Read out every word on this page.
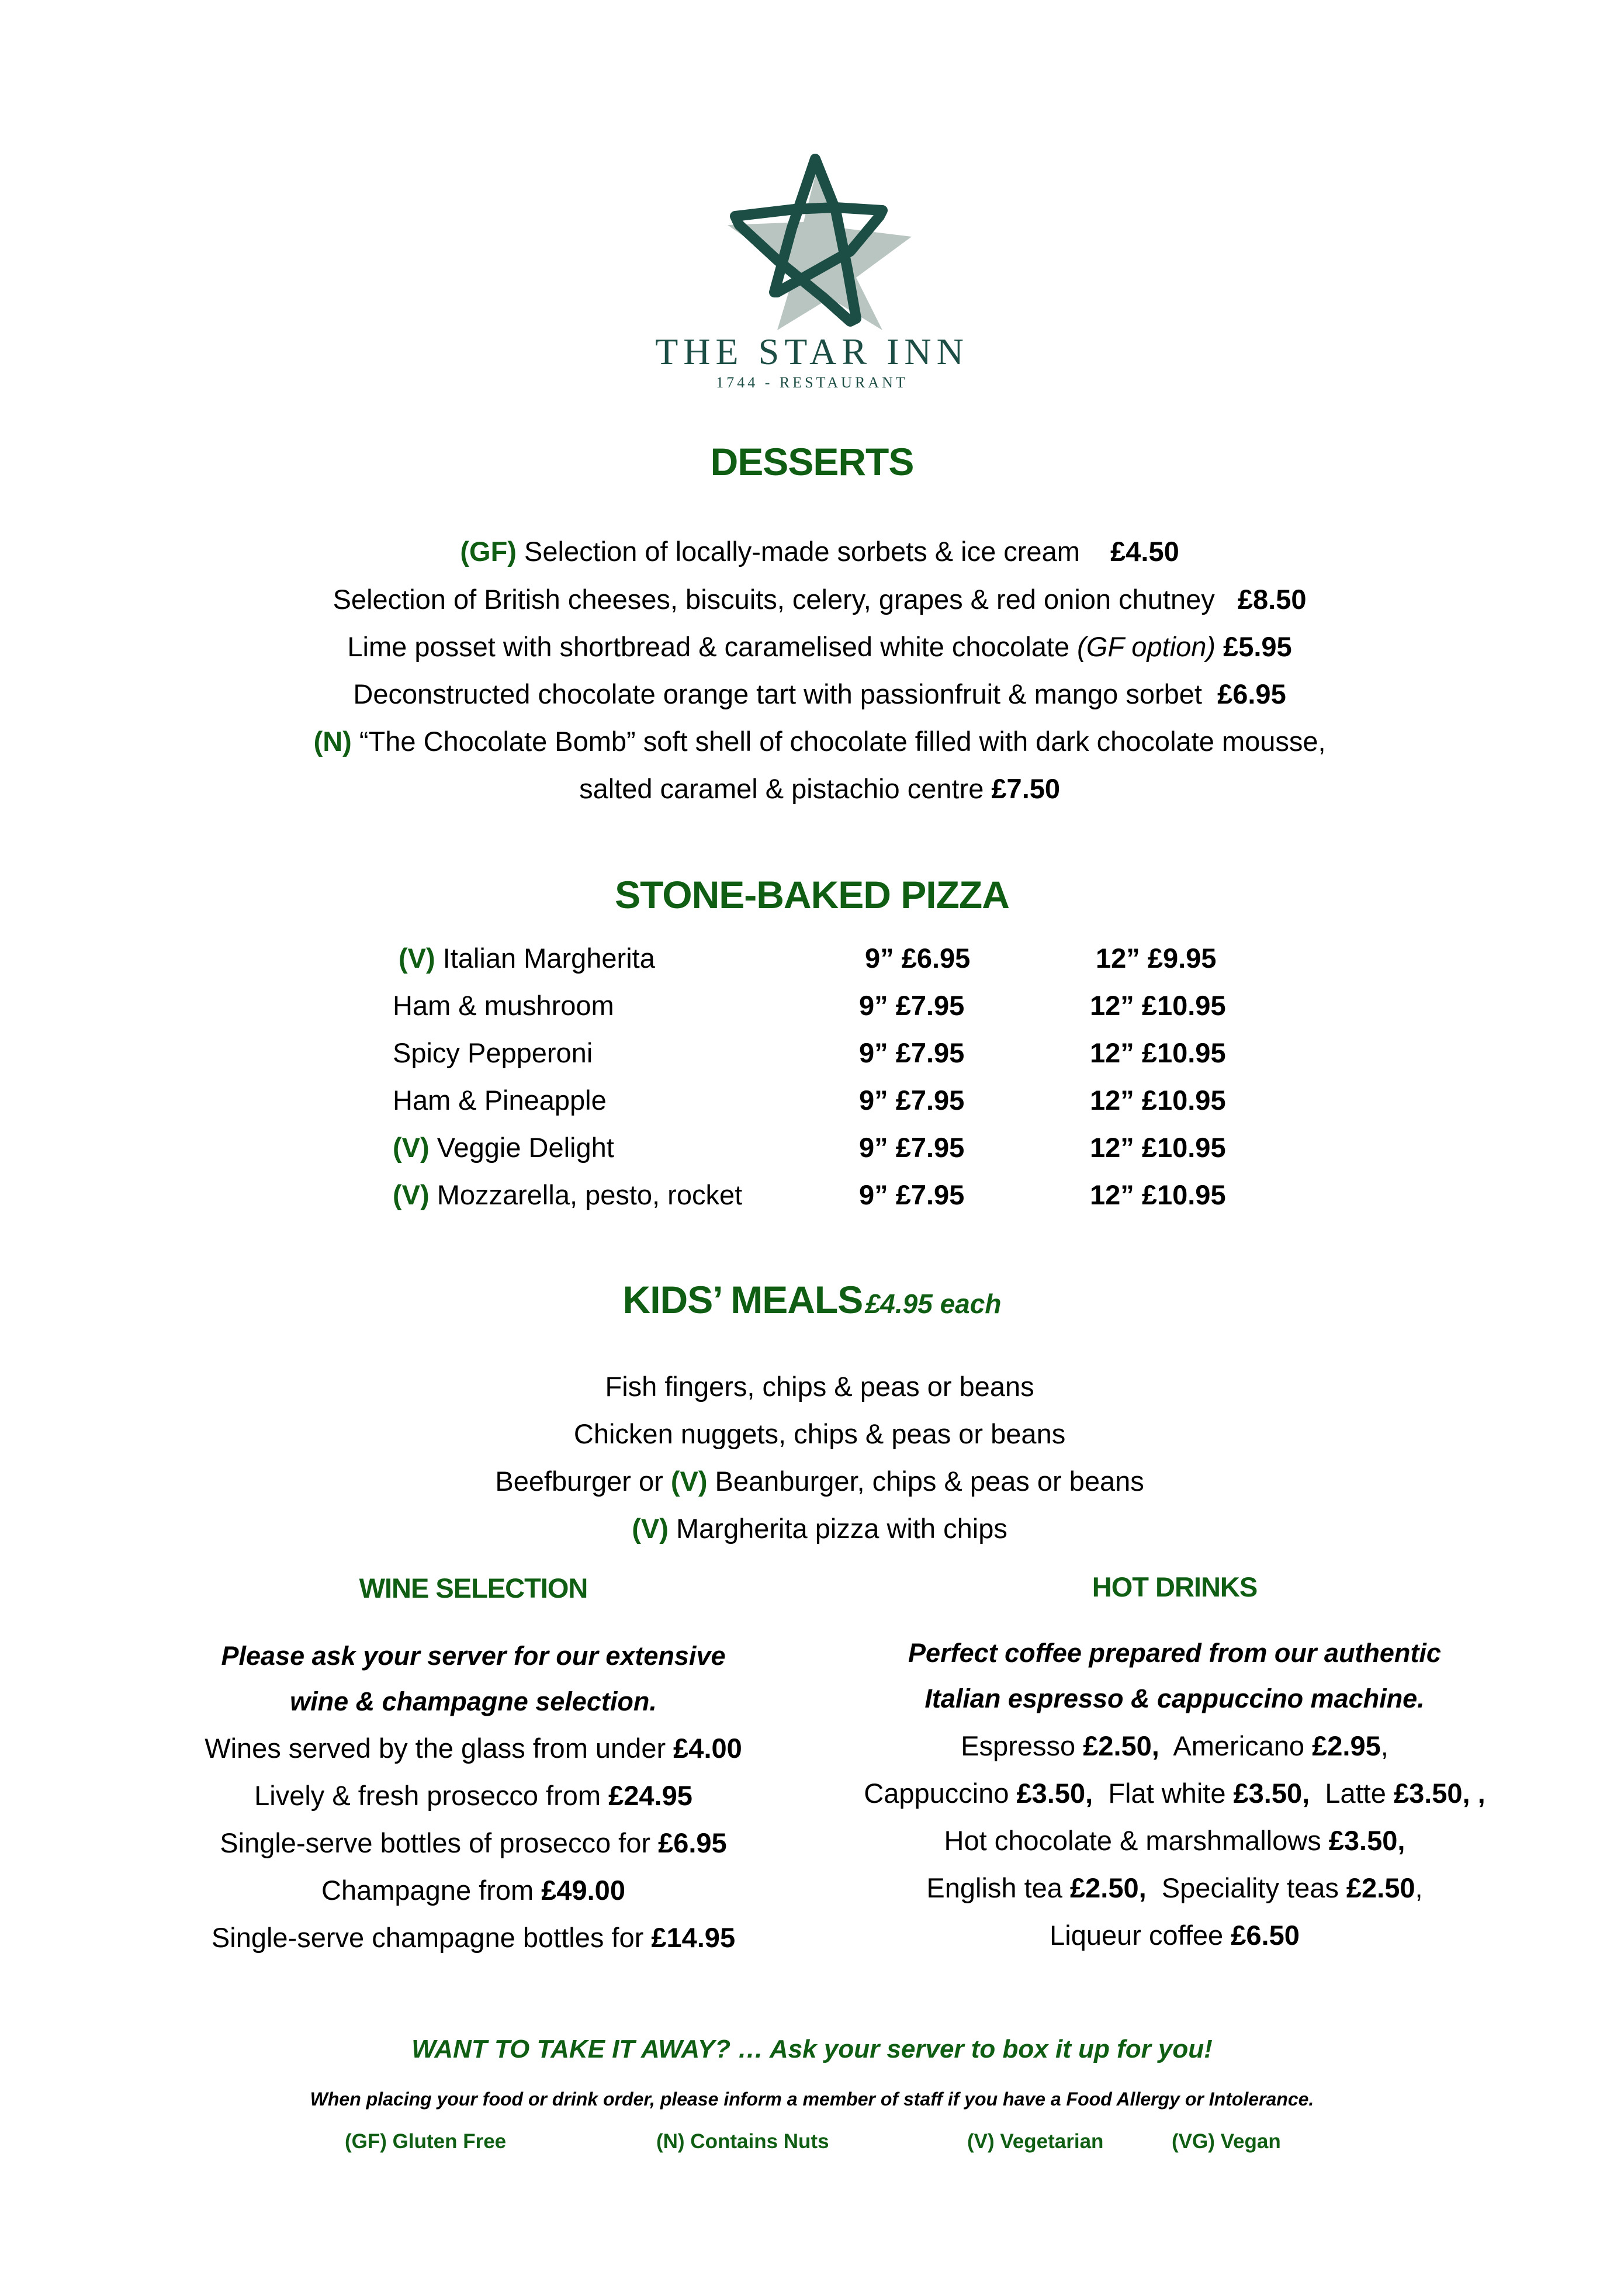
THE STAR INN
1744 - RESTAURANT
DESSERTS

(GF) Selection of locally-made sorbets & ice cream    £4.50

Selection of British cheeses, biscuits, celery, grapes & red onion chutney   £8.50

Lime posset with shortbread & caramelised white chocolate (GF option) £5.95

Deconstructed chocolate orange tart with passionfruit & mango sorbet  £6.95

(N) “The Chocolate Bomb” soft shell of chocolate filled with dark chocolate mousse,

salted caramel & pistachio centre £7.50

STONE-BAKED PIZZA
(V) Italian Margherita	9” £6.95	12” £9.95
Ham & mushroom	9” £7.95	12” £10.95
Spicy Pepperoni	9” £7.95	12” £10.95
Ham & Pineapple	9” £7.95	12” £10.95
(V) Veggie Delight	9” £7.95	12” £10.95
(V) Mozzarella, pesto, rocket	9” £7.95	12” £10.95
KIDS’ MEALS £4.95 each

Fish fingers, chips & peas or beans

Chicken nuggets, chips & peas or beans

Beefburger or (V) Beanburger, chips & peas or beans

(V) Margherita pizza with chips

WINE SELECTION
Please ask your server for our extensive
wine & champagne selection.
Wines served by the glass from under £4.00
Lively & fresh prosecco from £24.95
Single-serve bottles of prosecco for £6.95
Champagne from £49.00
Single-serve champagne bottles for £14.95
HOT DRINKS
Perfect coffee prepared from our authentic
Italian espresso & cappuccino machine.
Espresso £2.50,  Americano £2.95,
Cappuccino £3.50,  Flat white £3.50,  Latte £3.50, ,
Hot chocolate & marshmallows £3.50,
English tea £2.50,  Speciality teas £2.50,
Liqueur coffee £6.50
WANT TO TAKE IT AWAY? … Ask your server to box it up for you!
When placing your food or drink order, please inform a member of staff if you have a Food Allergy or Intolerance.
(GF) Gluten Free	(N) Contains Nuts	(V) Vegetarian	(VG) Vegan
